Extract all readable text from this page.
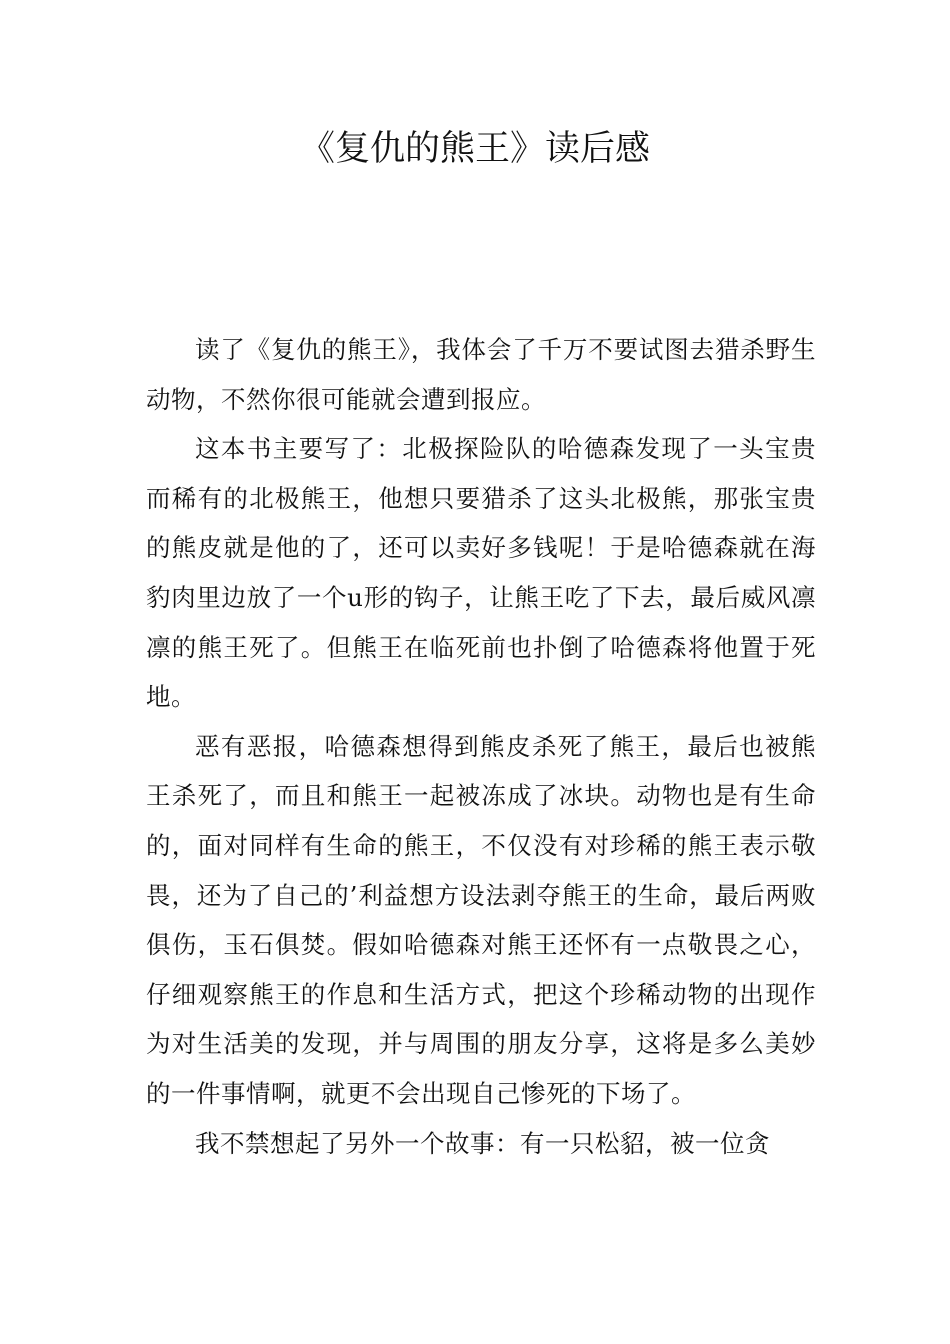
《复仇的熊王》读后感

读了《复仇的熊王》，我体会了千万不要试图去猎杀野生动物，不然你很可能就会遭到报应。

这本书主要写了：北极探险队的哈德森发现了一头宝贵而稀有的北极熊王，他想只要猎杀了这头北极熊，那张宝贵的熊皮就是他的了，还可以卖好多钱呢！于是哈德森就在海豹肉里边放了一个u形的钩子，让熊王吃了下去，最后威风凛凛的熊王死了。但熊王在临死前也扑倒了哈德森将他置于死地。

恶有恶报，哈德森想得到熊皮杀死了熊王，最后也被熊王杀死了，而且和熊王一起被冻成了冰块。动物也是有生命的，面对同样有生命的熊王，不仅没有对珍稀的熊王表示敬畏，还为了自己的’利益想方设法剥夺熊王的生命，最后两败俱伤，玉石俱焚。假如哈德森对熊王还怀有一点敬畏之心，仔细观察熊王的作息和生活方式，把这个珍稀动物的出现作为对生活美的发现，并与周围的朋友分享，这将是多么美妙的一件事情啊，就更不会出现自己惨死的下场了。

我不禁想起了另外一个故事：有一只松貂，被一位贪
